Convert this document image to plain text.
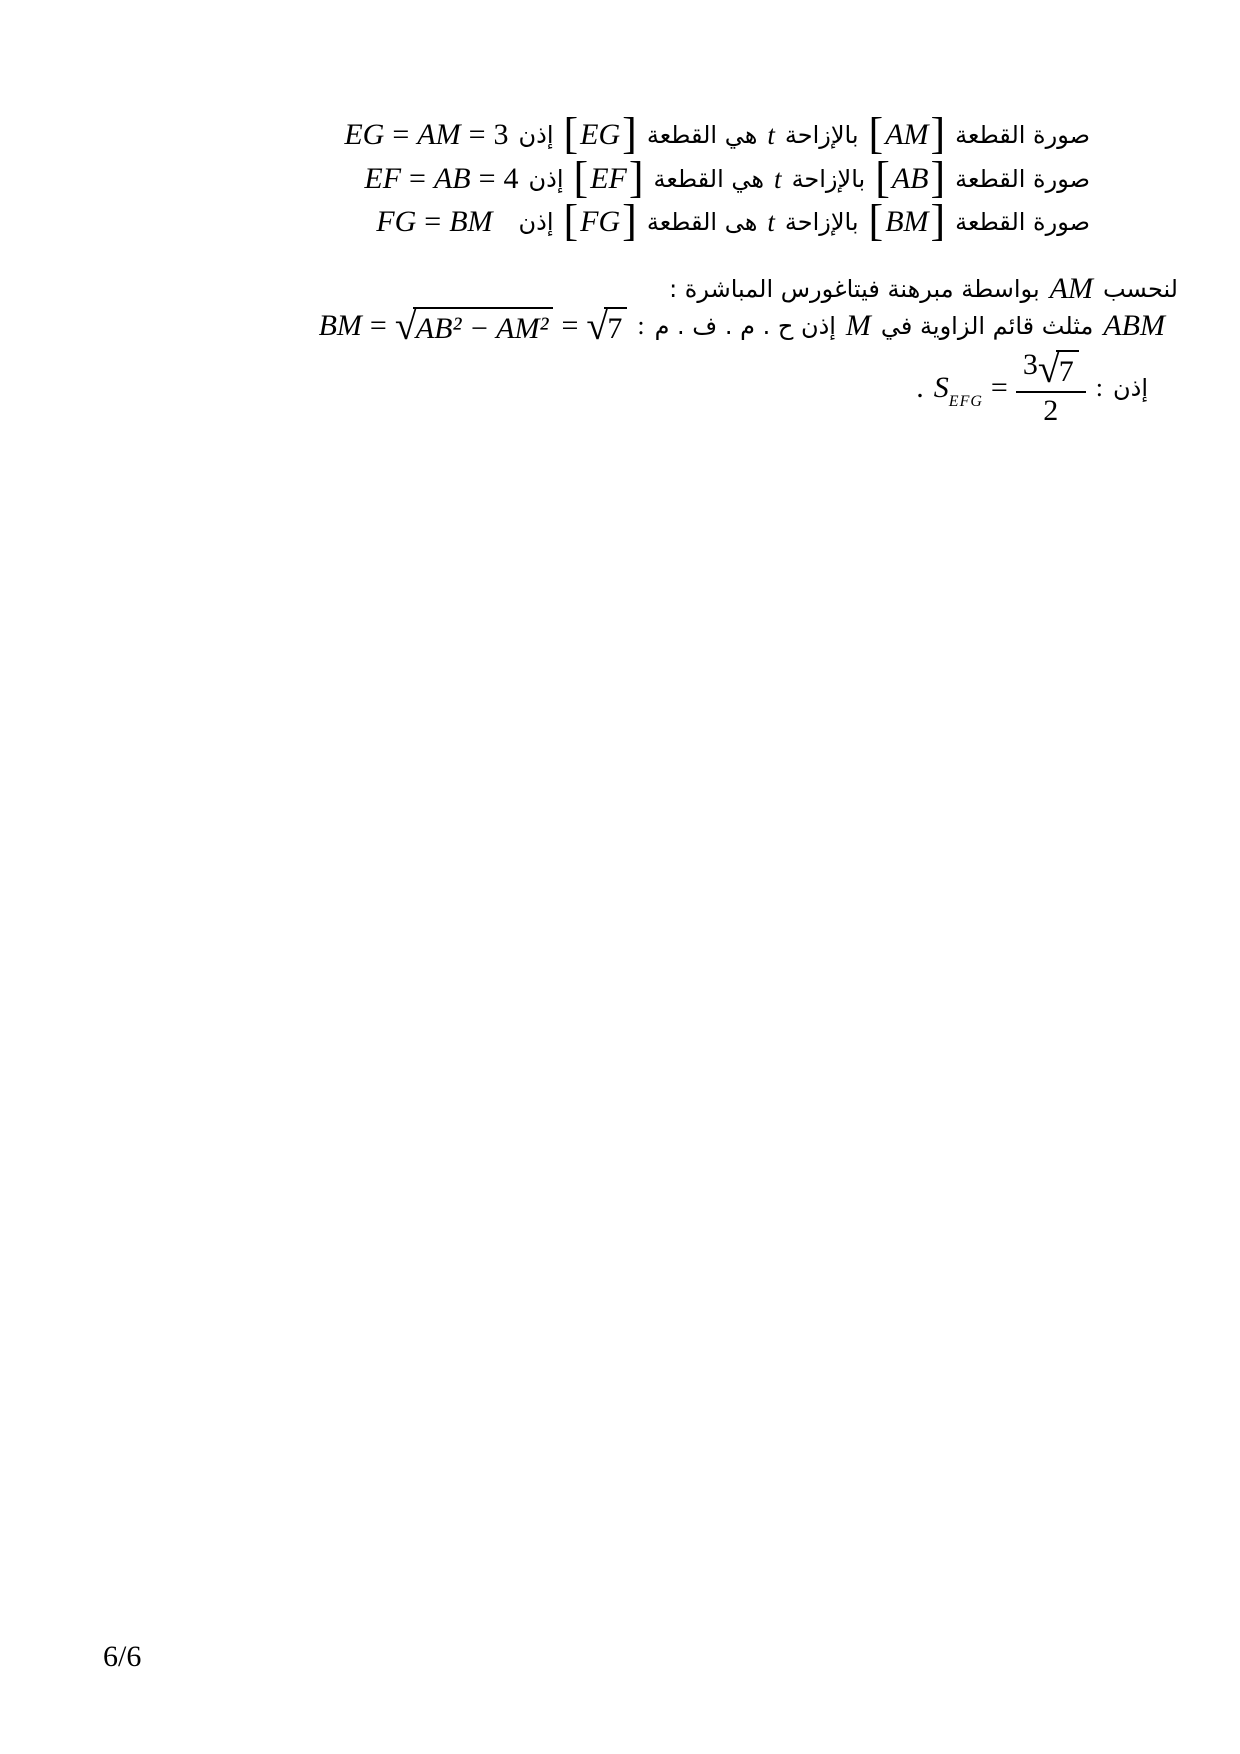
صورة القطعة
[ AM ]
بالإزاحة
t
هي القطعة
[ EG ]
إذن
EG = AM = 3
صورة القطعة
[ AB ]
بالإزاحة
t
هي القطعة
[ EF ]
إذن
EF = AB = 4
صورة القطعة
[ BM ]
بالإزاحة
t
هى القطعة
[ FG ]
إذن
FG = BM
لنحسب
AM
بواسطة مبرهنة فيتاغورس المباشرة :
ABM
مثلث قائم الزاوية في
M
إذن ح . م . ف . م
:
BM = √ AB² − AM² = √ 7
إذن
:
S EFG = $\frac{3 √ 7}{2}$
.
6/6
